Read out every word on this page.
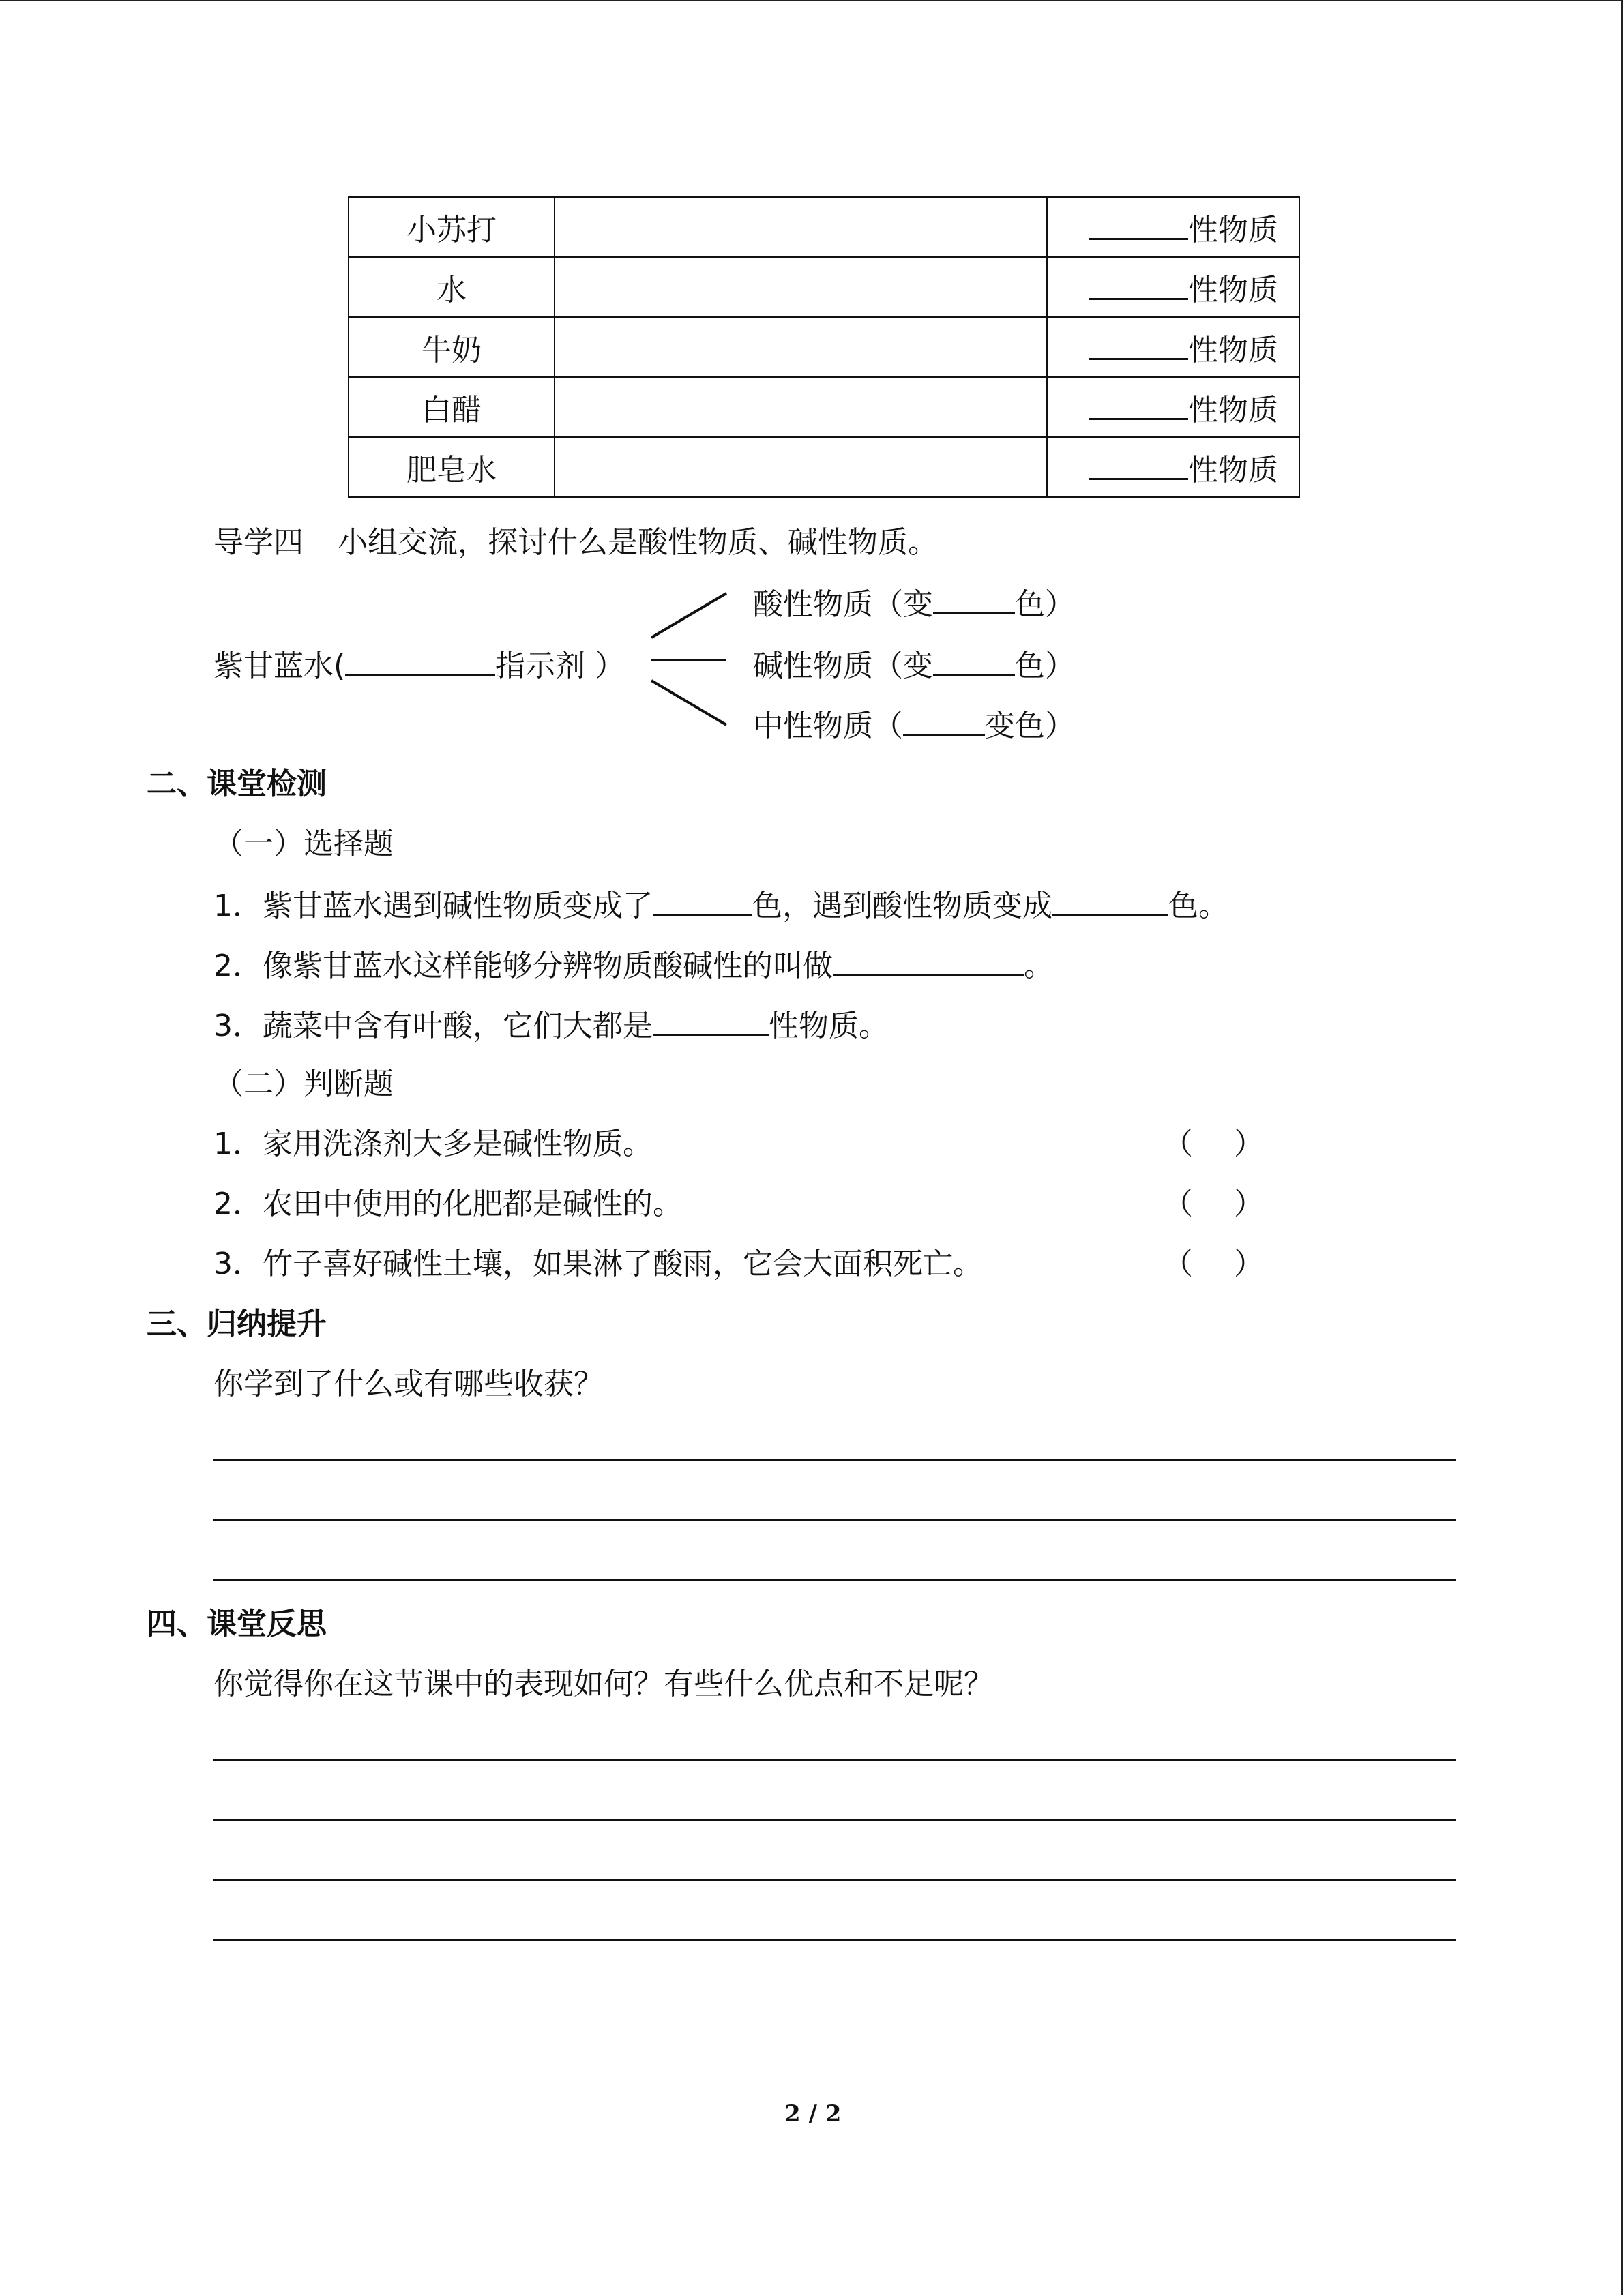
小苏打		性物质
水		性物质
牛奶		性物质
白醋		性物质
肥皂水		性物质
导学四 小组交流，探讨什么是酸性物质、碱性物质。
紫甘蓝水(	指示剂 ）
酸性物质（变	色）
碱性物质（变	色）
中性物质（	变色）
二、课堂检测
（一）选择题
1．紫甘蓝水遇到碱性物质变成了	色，遇到酸性物质变成	色。
2．像紫甘蓝水这样能够分辨物质酸碱性的叫做	。
3．蔬菜中含有叶酸，它们大都是	性物质。
（二）判断题
1．家用洗涤剂大多是碱性物质。	（ ）
2．农田中使用的化肥都是碱性的。	（ ）
3．竹子喜好碱性土壤，如果淋了酸雨，它会大面积死亡。	（ ）
三、归纳提升
你学到了什么或有哪些收获？
四、课堂反思
你觉得你在这节课中的表现如何？有些什么优点和不足呢？
2 / 2
